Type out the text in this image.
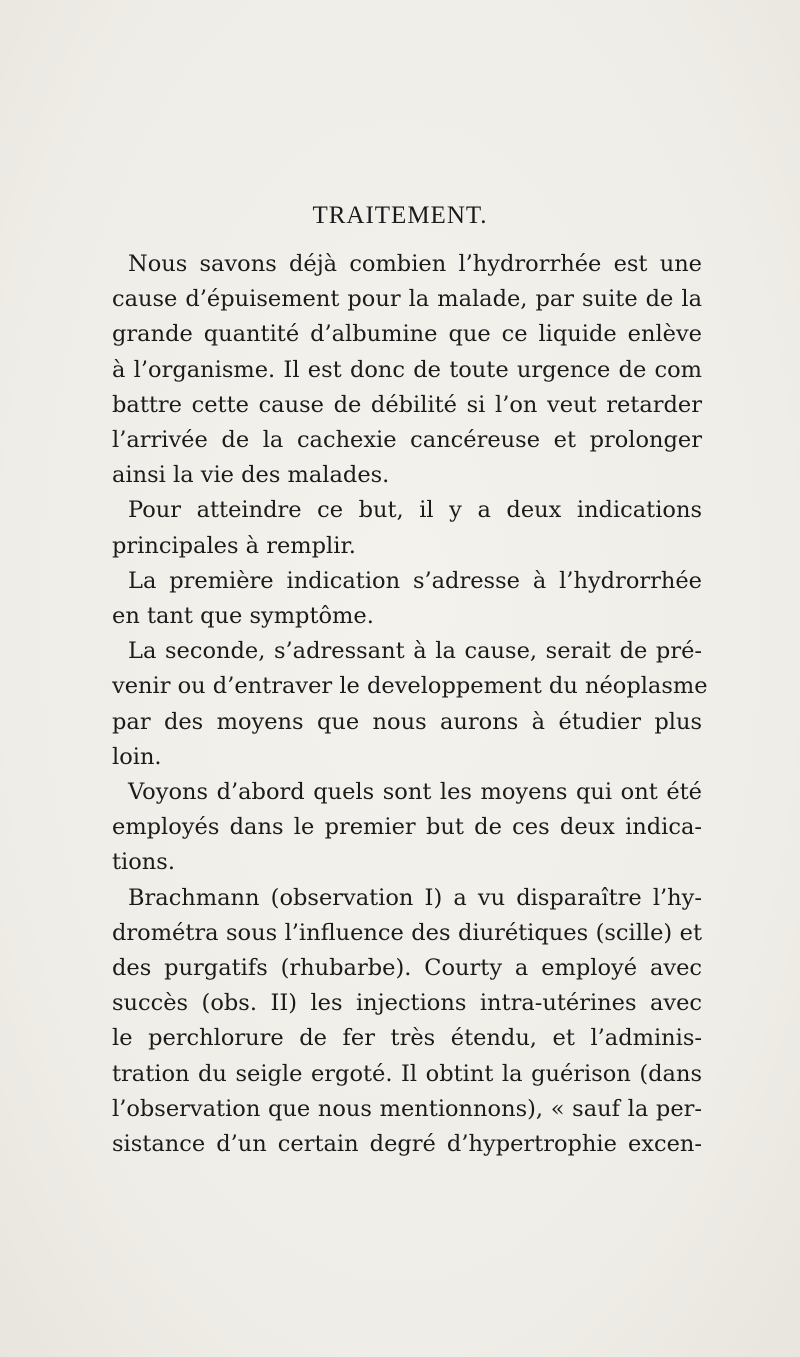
TRAITEMENT.
Nous savons déjà combien l’hydrorrhée est une
cause d’épuisement pour la malade, par suite de la
grande quantité d’albumine que ce liquide enlève
à l’organisme. Il est donc de toute urgence de com
battre cette cause de débilité si l’on veut retarder
l’arrivée de la cachexie cancéreuse et prolonger
ainsi la vie des malades.
Pour atteindre ce but, il y a deux indications
principales à remplir.
La première indication s’adresse à l’hydrorrhée
en tant que symptôme.
La seconde, s’adressant à la cause, serait de pré-
venir ou d’entraver le developpement du néoplasme
par des moyens que nous aurons à étudier plus
loin.
Voyons d’abord quels sont les moyens qui ont été
employés dans le premier but de ces deux indica-
tions.
Brachmann (observation I) a vu disparaître l’hy-
drométra sous l’influence des diurétiques (scille) et
des purgatifs (rhubarbe). Courty a employé avec
succès (obs. II) les injections intra-utérines avec
le perchlorure de fer très étendu, et l’adminis-
tration du seigle ergoté. Il obtint la guérison (dans
l’observation que nous mentionnons), « sauf la per-
sistance d’un certain degré d’hypertrophie excen-
